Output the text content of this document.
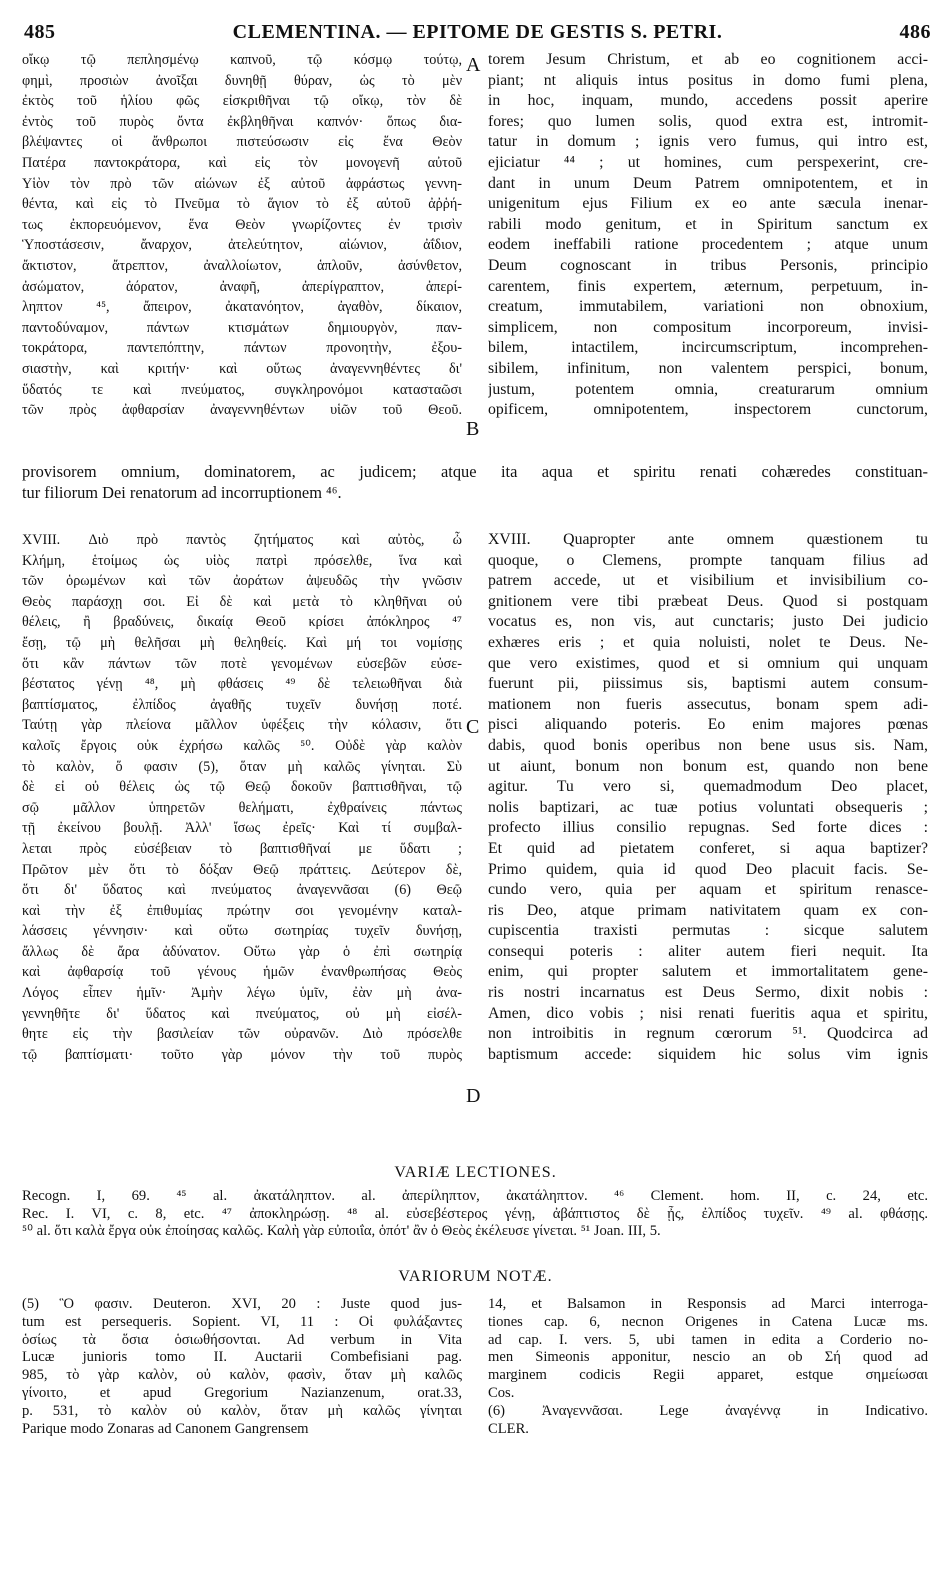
485	CLEMENTINA. — EPITOME DE GESTIS S. PETRI.	486
οἴκῳ τῷ πεπλησμένῳ καπνοῦ, τῷ κόσμῳ τούτῳ,
φημὶ, προσιὼν ἀνοῖξαι δυνηθῇ θύραν, ὡς τὸ μὲν
ἐκτὸς τοῦ ἡλίου φῶς εἰσκριθῆναι τῷ οἴκῳ, τὸν δὲ
ἐντὸς τοῦ πυρὸς ὄντα ἐκβληθῆναι καπνόν· ὅπως δια-
βλέψαντες οἱ ἄνθρωποι πιστεύσωσιν εἰς ἕνα Θεὸν
Πατέρα παντοκράτορα, καὶ εἰς τὸν μονογενῆ αὐτοῦ
Υἱὸν τὸν πρὸ τῶν αἰώνων ἐξ αὐτοῦ ἀφράστως γεννη-
θέντα, καὶ εἰς τὸ Πνεῦμα τὸ ἅγιον τὸ ἐξ αὐτοῦ ἀῤῥή-
τως ἐκπορευόμενον, ἕνα Θεὸν γνωρίζοντες ἐν τρισὶν
Ὑποστάσεσιν, ἄναρχον, ἀτελεύτητον, αἰώνιον, ἀΐδιον,
ἄκτιστον, ἄτρεπτον, ἀναλλοίωτον, ἁπλοῦν, ἀσύνθετον,
ἀσώματον, ἀόρατον, ἀναφῆ, ἀπερίγραπτον, ἀπερί-
ληπτον ⁴⁵, ἄπειρον, ἀκατανόητον, ἀγαθὸν, δίκαιον,
παντοδύναμον, πάντων κτισμάτων δημιουργὸν, παν-
τοκράτορα, παντεπόπτην, πάντων προνοητὴν, ἐξου-
σιαστὴν, καὶ κριτήν· καὶ οὕτως ἀναγεννηθέντες δι'
ὕδατός τε καὶ πνεύματος, συγκληρονόμοι κατασταῶσι
τῶν πρὸς ἀφθαρσίαν ἀναγεννηθέντων υἱῶν τοῦ Θεοῦ.
torem Jesum Christum, et ab eo cognitionem acci-
piant; nt aliquis intus positus in domo fumi plena,
in hoc, inquam, mundo, accedens possit aperire
fores; quo lumen solis, quod extra est, intromit-
tatur in domum ; ignis vero fumus, qui intro est,
ejiciatur ⁴⁴ ; ut homines, cum perspexerint, cre-
dant in unum Deum Patrem omnipotentem, et in
unigenitum ejus Filium ex eo ante sæcula inenar-
rabili modo genitum, et in Spiritum sanctum ex
eodem ineffabili ratione procedentem ; atque unum
Deum cognoscant in tribus Personis, principio
carentem, finis expertem, æternum, perpetuum, in-
creatum, immutabilem, variationi non obnoxium,
simplicem, non compositum incorporeum, invisi-
bilem, intactilem, incircumscriptum, incomprehen-
sibilem, infinitum, non valentem perspici, bonum,
justum, potentem omnia, creaturarum omnium
opificem, omnipotentem, inspectorem cunctorum,
A
B
provisorem omnium, dominatorem, ac judicem; atque ita aqua et spiritu renati cohæredes constituan-
tur filiorum Dei renatorum ad incorruptionem ⁴⁶.
XVIII. Διὸ πρὸ παντὸς ζητήματος καὶ αὐτὸς, ὦ
Κλήμη, ἑτοίμως ὡς υἱὸς πατρὶ πρόσελθε, ἵνα καὶ
τῶν ὁρωμένων καὶ τῶν ἀοράτων ἀψευδῶς τὴν γνῶσιν
Θεὸς παράσχῃ σοι. Εἰ δὲ καὶ μετὰ τὸ κληθῆναι οὐ
θέλεις, ἢ βραδύνεις, δικαίᾳ Θεοῦ κρίσει ἀπόκληρος ⁴⁷
ἔσῃ, τῷ μὴ θελῆσαι μὴ θεληθείς. Καὶ μή τοι νομίσῃς
ὅτι κἂν πάντων τῶν ποτὲ γενομένων εὐσεβῶν εὐσε-
βέστατος γένῃ ⁴⁸, μὴ φθάσεις ⁴⁹ δὲ τελειωθῆναι διὰ
βαπτίσματος, ἐλπίδος ἀγαθῆς τυχεῖν δυνήσῃ ποτέ.
Ταύτῃ γὰρ πλείονα μᾶλλον ὑφέξεις τὴν κόλασιν, ὅτι
καλοῖς ἔργοις οὐκ ἐχρήσω καλῶς ⁵⁰. Οὐδὲ γὰρ καλὸν
τὸ καλὸν, ὅ φασιν (5), ὅταν μὴ καλῶς γίνηται. Σὺ
δὲ εἰ οὐ θέλεις ὡς τῷ Θεῷ δοκοῦν βαπτισθῆναι, τῷ
σῷ μᾶλλον ὑπηρετῶν θελήματι, ἐχθραίνεις πάντως
τῇ ἐκείνου βουλῇ. Ἀλλ' ἴσως ἐρεῖς· Καὶ τί συμβαλ-
λεται πρὸς εὐσέβειαν τὸ βαπτισθῆναί με ὕδατι ;
Πρῶτον μὲν ὅτι τὸ δόξαν Θεῷ πράττεις. Δεύτερον δὲ,
ὅτι δι' ὕδατος καὶ πνεύματος ἀναγεννᾶσαι (6) Θεῷ
καὶ τὴν ἐξ ἐπιθυμίας πρώτην σοι γενομένην καταλ-
λάσσεις γέννησιν· καὶ οὕτω σωτηρίας τυχεῖν δυνήσῃ,
ἄλλως δὲ ἄρα ἀδύνατον. Οὕτω γὰρ ὁ ἐπὶ σωτηρίᾳ
καὶ ἀφθαρσίᾳ τοῦ γένους ἡμῶν ἐνανθρωπήσας Θεὸς
Λόγος εἶπεν ἡμῖν· Ἀμὴν λέγω ὑμῖν, ἐὰν μὴ ἀνα-
γεννηθῆτε δι' ὕδατος καὶ πνεύματος, οὐ μὴ εἰσέλ-
θητε εἰς τὴν βασιλείαν τῶν οὐρανῶν. Διὸ πρόσελθε
τῷ βαπτίσματι· τοῦτο γὰρ μόνον τὴν τοῦ πυρὸς
XVIII. Quapropter ante omnem quæstionem tu
quoque, o Clemens, prompte tanquam filius ad
patrem accede, ut et visibilium et invisibilium co-
gnitionem vere tibi præbeat Deus. Quod si postquam
vocatus es, non vis, aut cunctaris; justo Dei judicio
exhæres eris ; et quia noluisti, nolet te Deus. Ne-
que vero existimes, quod et si omnium qui unquam
fuerunt pii, piissimus sis, baptismi autem consum-
mationem non fueris assecutus, bonam spem adi-
pisci aliquando poteris. Eo enim majores pœnas
dabis, quod bonis operibus non bene usus sis. Nam,
ut aiunt, bonum non bonum est, quando non bene
agitur. Tu vero si, quemadmodum Deo placet,
nolis baptizari, ac tuæ potius voluntati obsequeris ;
profecto illius consilio repugnas. Sed forte dices :
Et quid ad pietatem conferet, si aqua baptizer?
Primo quidem, quia id quod Deo placuit facis. Se-
cundo vero, quia per aquam et spiritum renasce-
ris Deo, atque primam nativitatem quam ex con-
cupiscentia traxisti permutas : sicque salutem
consequi poteris : aliter autem fieri nequit. Ita
enim, qui propter salutem et immortalitatem gene-
ris nostri incarnatus est Deus Sermo, dixit nobis :
Amen, dico vobis ; nisi renati fueritis aqua et spiritu,
non introibitis in regnum cœrorum ⁵¹. Quodcirca ad
baptismum accede: siquidem hic solus vim ignis
C
D
VARIÆ LECTIONES.
Recogn. I, 69. ⁴⁵ al. ἀκατάληπτον. al. ἀπερίληπτον, ἀκατάληπτον. ⁴⁶ Clement. hom. II, c. 24, etc.
Rec. I. VI, c. 8, etc. ⁴⁷ ἀποκληρώσῃ. ⁴⁸ al. εὐσεβέστερος γένῃ, ἀβάπτιστος δὲ ᾖς, ἐλπίδος τυχεῖν. ⁴⁹ al. φθάσῃς.
⁵⁰ al. ὅτι καλὰ ἔργα οὐκ ἐποίησας καλῶς. Καλὴ γὰρ εὐποιΐα, ὁπότ' ἂν ὁ Θεὸς ἐκέλευσε γίνεται. ⁵¹ Joan. III, 5.
VARIORUM NOTÆ.
(5) Ὃ φασιν. Deuteron. XVI, 20 : Juste quod jus-
tum est persequeris. Sopient. VI, 11 : Οἱ φυλάξαντες
ὁσίως τὰ ὅσια ὁσιωθήσονται. Ad verbum in Vita
Lucæ junioris tomo II. Auctarii Combefisiani pag.
985, τὸ γὰρ καλὸν, οὐ καλὸν, φασὶν, ὅταν μὴ καλῶς
γίνοιτο, et apud Gregorium Nazianzenum, orat.33,
p. 531, τὸ καλὸν οὐ καλὸν, ὅταν μὴ καλῶς γίνηται
Parique modo Zonaras ad Canonem Gangrensem
14, et Balsamon in Responsis ad Marci interroga-
tiones cap. 6, necnon Origenes in Catena Lucæ ms.
ad cap. I. vers. 5, ubi tamen in edita a Corderio no-
men Simeonis apponitur, nescio an ob Σή quod ad
marginem codicis Regii apparet, estque σημείωσαι
Cos.
(6) Ἀναγεννᾶσαι. Lege ἀναγέννᾳ in Indicativo.
CLER.
